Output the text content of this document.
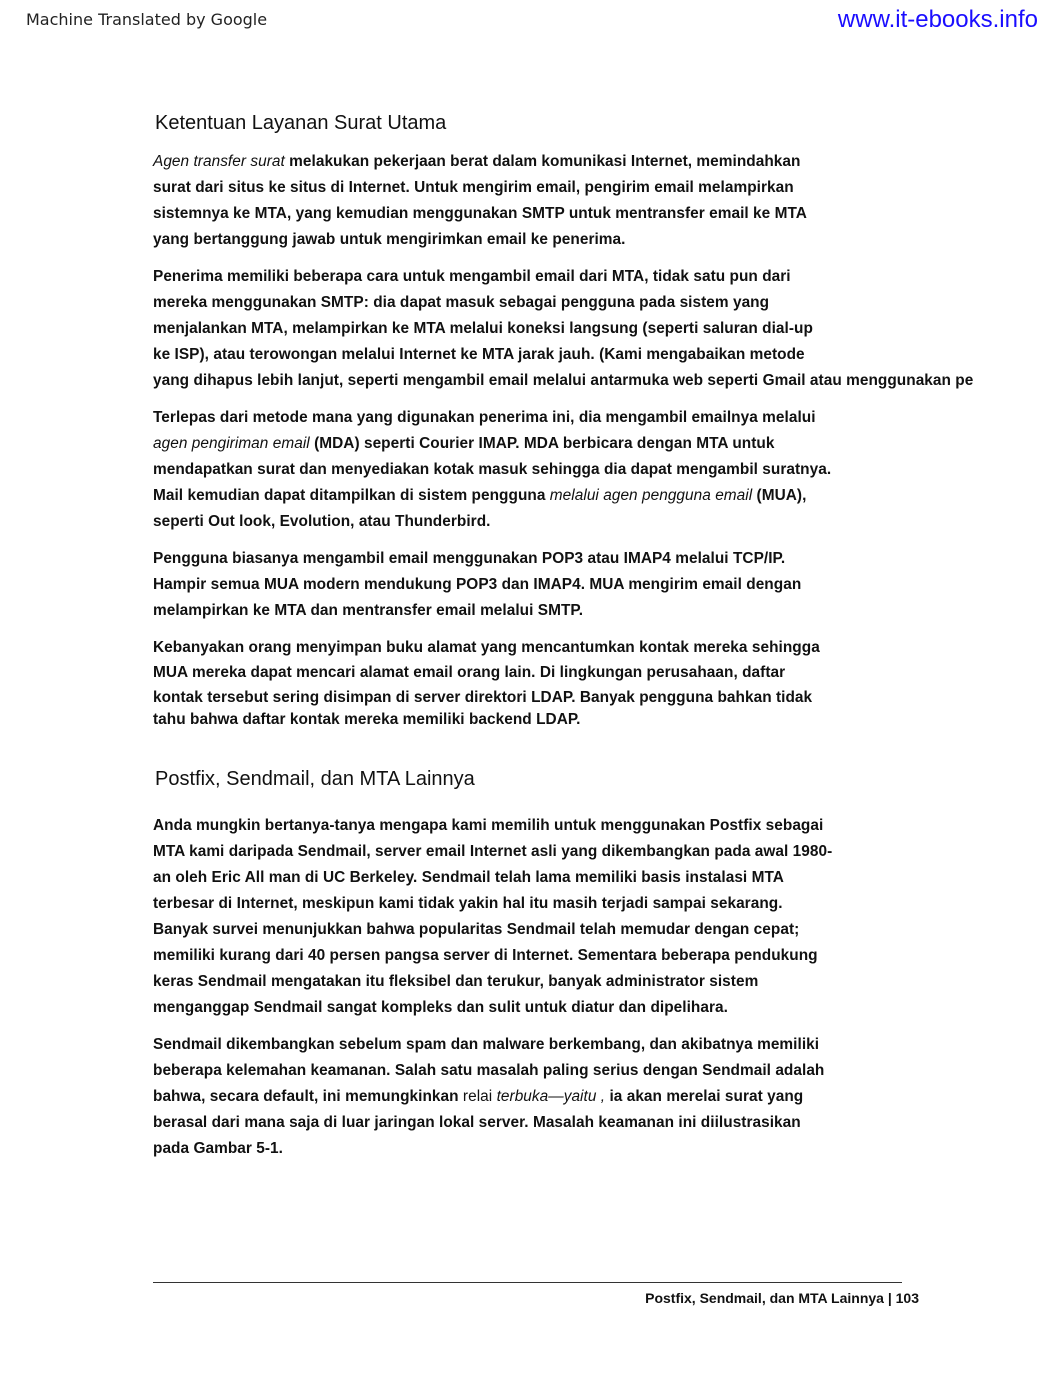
Machine Translated by Google	www.it-ebooks.info
Ketentuan Layanan Surat Utama

Agen transfer surat melakukan pekerjaan berat dalam komunikasi Internet, memindahkan
surat dari situs ke situs di Internet. Untuk mengirim email, pengirim email melampirkan
sistemnya ke MTA, yang kemudian menggunakan SMTP untuk mentransfer email ke MTA
yang bertanggung jawab untuk mengirimkan email ke penerima.

Penerima memiliki beberapa cara untuk mengambil email dari MTA, tidak satu pun dari
mereka menggunakan SMTP: dia dapat masuk sebagai pengguna pada sistem yang
menjalankan MTA, melampirkan ke MTA melalui koneksi langsung (seperti saluran dial-up
ke ISP), atau terowongan melalui Internet ke MTA jarak jauh. (Kami mengabaikan metode
yang dihapus lebih lanjut, seperti mengambil email melalui antarmuka web seperti Gmail atau menggunakan pe

Terlepas dari metode mana yang digunakan penerima ini, dia mengambil emailnya melalui
agen pengiriman email (MDA) seperti Courier IMAP. MDA berbicara dengan MTA untuk
mendapatkan surat dan menyediakan kotak masuk sehingga dia dapat mengambil suratnya.
Mail kemudian dapat ditampilkan di sistem pengguna melalui agen pengguna email (MUA),
seperti Out look, Evolution, atau Thunderbird.

Pengguna biasanya mengambil email menggunakan POP3 atau IMAP4 melalui TCP/IP.
Hampir semua MUA modern mendukung POP3 dan IMAP4. MUA mengirim email dengan
melampirkan ke MTA dan mentransfer email melalui SMTP.

Kebanyakan orang menyimpan buku alamat yang mencantumkan kontak mereka sehingga
MUA mereka dapat mencari alamat email orang lain. Di lingkungan perusahaan, daftar
kontak tersebut sering disimpan di server direktori LDAP. Banyak pengguna bahkan tidak
tahu bahwa daftar kontak mereka memiliki backend LDAP.

Postfix, Sendmail, dan MTA Lainnya

Anda mungkin bertanya-tanya mengapa kami memilih untuk menggunakan Postfix sebagai
MTA kami daripada Sendmail, server email Internet asli yang dikembangkan pada awal 1980-
an oleh Eric All man di UC Berkeley. Sendmail telah lama memiliki basis instalasi MTA
terbesar di Internet, meskipun kami tidak yakin hal itu masih terjadi sampai sekarang.
Banyak survei menunjukkan bahwa popularitas Sendmail telah memudar dengan cepat;
memiliki kurang dari 40 persen pangsa server di Internet. Sementara beberapa pendukung
keras Sendmail mengatakan itu fleksibel dan terukur, banyak administrator sistem
menganggap Sendmail sangat kompleks dan sulit untuk diatur dan dipelihara.

Sendmail dikembangkan sebelum spam dan malware berkembang, dan akibatnya memiliki
beberapa kelemahan keamanan. Salah satu masalah paling serius dengan Sendmail adalah
bahwa, secara default, ini memungkinkan relai terbuka—yaitu , ia akan merelai surat yang
berasal dari mana saja di luar jaringan lokal server. Masalah keamanan ini diilustrasikan
pada Gambar 5-1.

Postfix, Sendmail, dan MTA Lainnya | 103
